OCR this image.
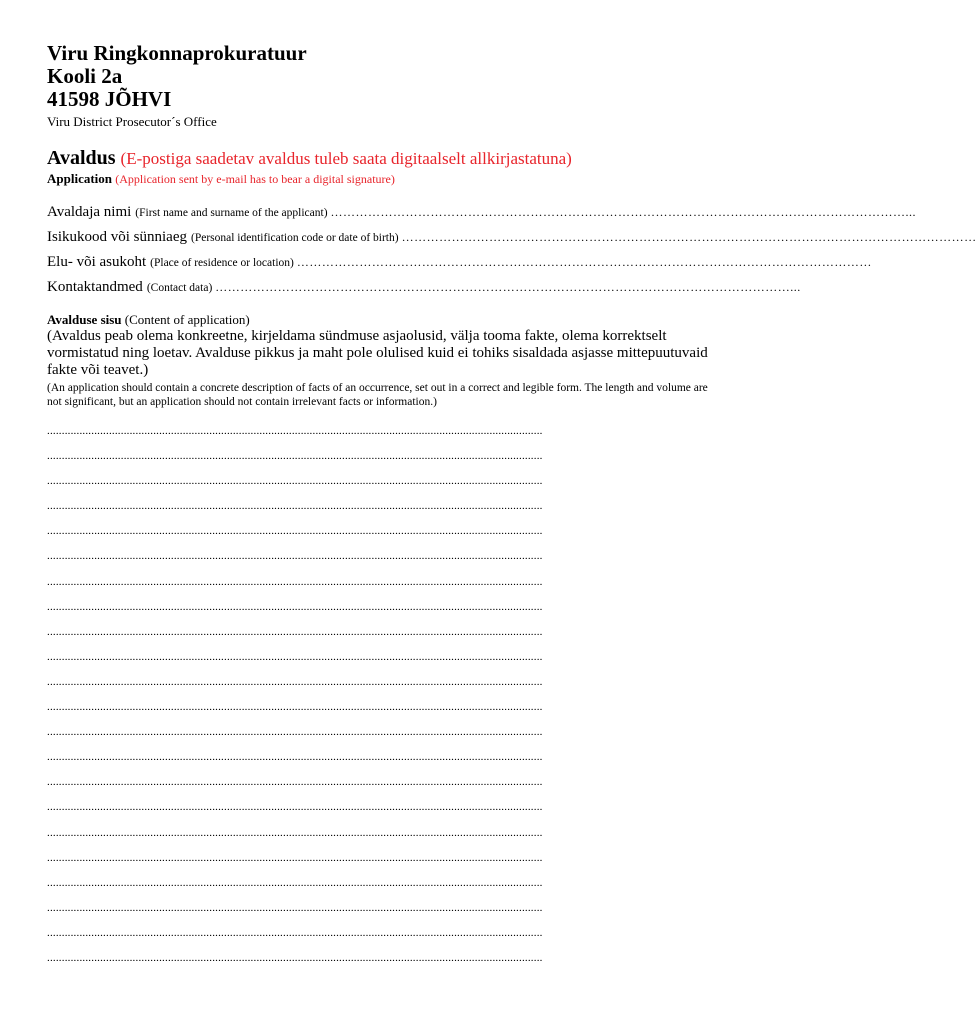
Viru Ringkonnaprokuratuur
Kooli 2a
41598 JÕHVI
Viru District Prosecutor´s Office
Avaldus (E-postiga saadetav avaldus tuleb saata digitaalselt allkirjastatuna)
Application (Application sent by e-mail has to bear a digital signature)
Avaldaja nimi (First name and surname of the applicant) …………………………………………………………………………………………………………………………...
Isikukood või sünniaeg (Personal identification code or date of birth) …………………………………………………………………………………………………………………………
Elu- või asukoht (Place of residence or location) …………………………………………………………………………………………………………………………
Kontaktandmed (Contact data) …………………………………………………………………………………………………………………………...
Avalduse sisu (Content of application)
(Avaldus peab olema konkreetne, kirjeldama sündmuse asjaolusid, välja tooma fakte, olema korrektselt vormistatud ning loetav. Avalduse pikkus ja maht pole olulised kuid ei tohiks sisaldada asjasse mittepuutuvaid fakte või teavet.)
(An application should contain a concrete description of facts of an occurrence, set out in a correct and legible form. The length and volume are not significant, but an application should not contain irrelevant facts or information.)
........................................................................................................................................................................
........................................................................................................................................................................
........................................................................................................................................................................
........................................................................................................................................................................
........................................................................................................................................................................
........................................................................................................................................................................
........................................................................................................................................................................
........................................................................................................................................................................
........................................................................................................................................................................
........................................................................................................................................................................
........................................................................................................................................................................
........................................................................................................................................................................
........................................................................................................................................................................
........................................................................................................................................................................
........................................................................................................................................................................
........................................................................................................................................................................
........................................................................................................................................................................
........................................................................................................................................................................
........................................................................................................................................................................
........................................................................................................................................................................
........................................................................................................................................................................
........................................................................................................................................................................
